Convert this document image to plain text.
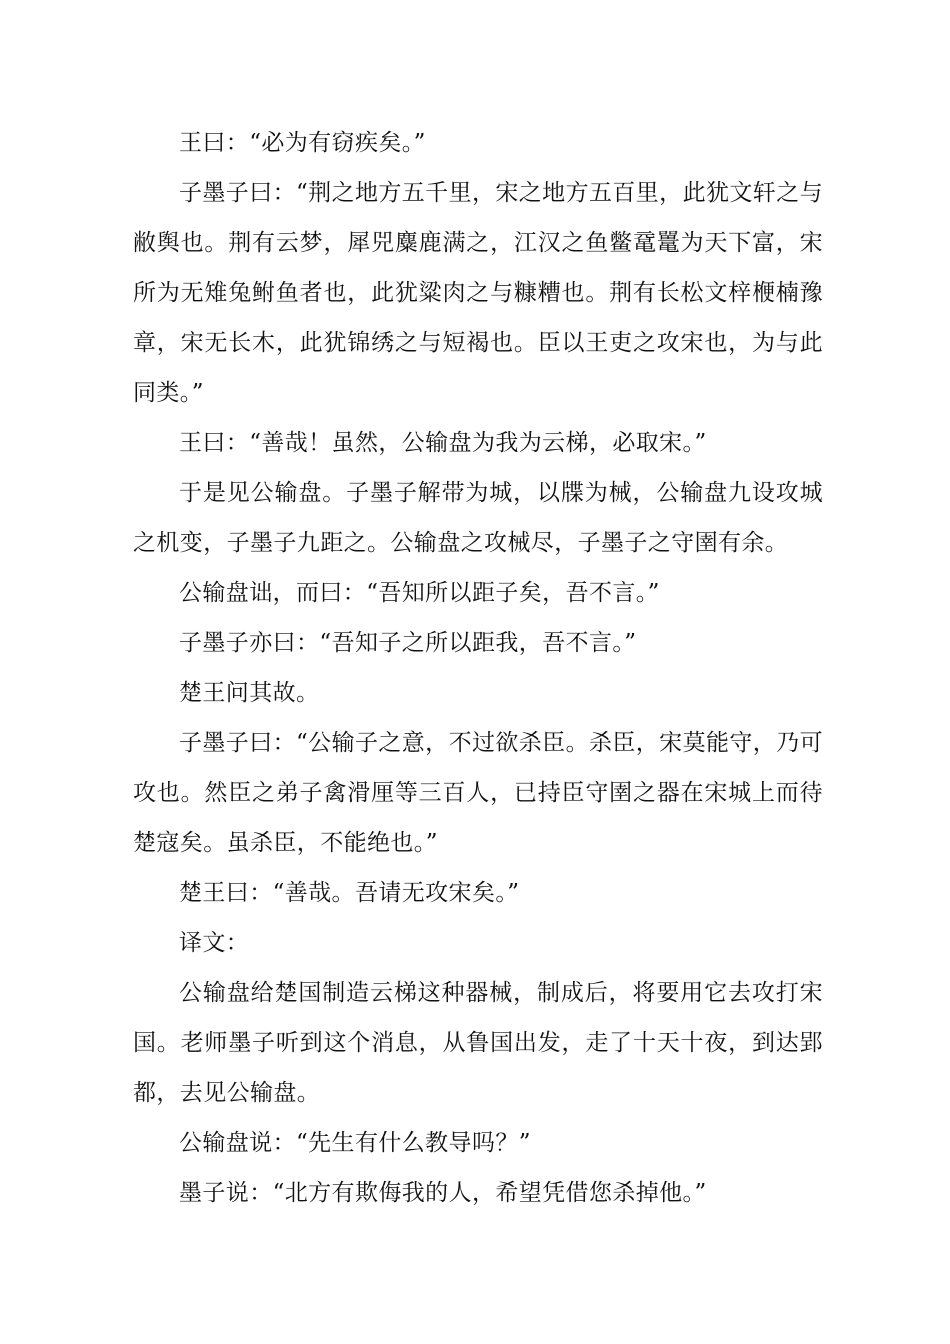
王曰：“必为有窃疾矣。”

子墨子曰：“荆之地方五千里，宋之地方五百里，此犹文轩之与敝舆也。荆有云梦，犀兕麋鹿满之，江汉之鱼鳖鼋鼍为天下富，宋所为无雉兔鲋鱼者也，此犹粱肉之与糠糟也。荆有长松文梓楩楠豫章，宋无长木，此犹锦绣之与短褐也。臣以王吏之攻宋也，为与此同类。”

王曰：“善哉！虽然，公输盘为我为云梯，必取宋。”

于是见公输盘。子墨子解带为城，以牒为械，公输盘九设攻城之机变，子墨子九距之。公输盘之攻械尽，子墨子之守圉有余。

公输盘诎，而曰：“吾知所以距子矣，吾不言。”

子墨子亦曰：“吾知子之所以距我，吾不言。”

楚王问其故。

子墨子曰：“公输子之意，不过欲杀臣。杀臣，宋莫能守，乃可攻也。然臣之弟子禽滑厘等三百人，已持臣守圉之器在宋城上而待楚寇矣。虽杀臣，不能绝也。”

楚王曰：“善哉。吾请无攻宋矣。”

译文：

公输盘给楚国制造云梯这种器械，制成后，将要用它去攻打宋国。老师墨子听到这个消息，从鲁国出发，走了十天十夜，到达郢都，去见公输盘。

公输盘说：“先生有什么教导吗？”

墨子说：“北方有欺侮我的人，希望凭借您杀掉他。”
